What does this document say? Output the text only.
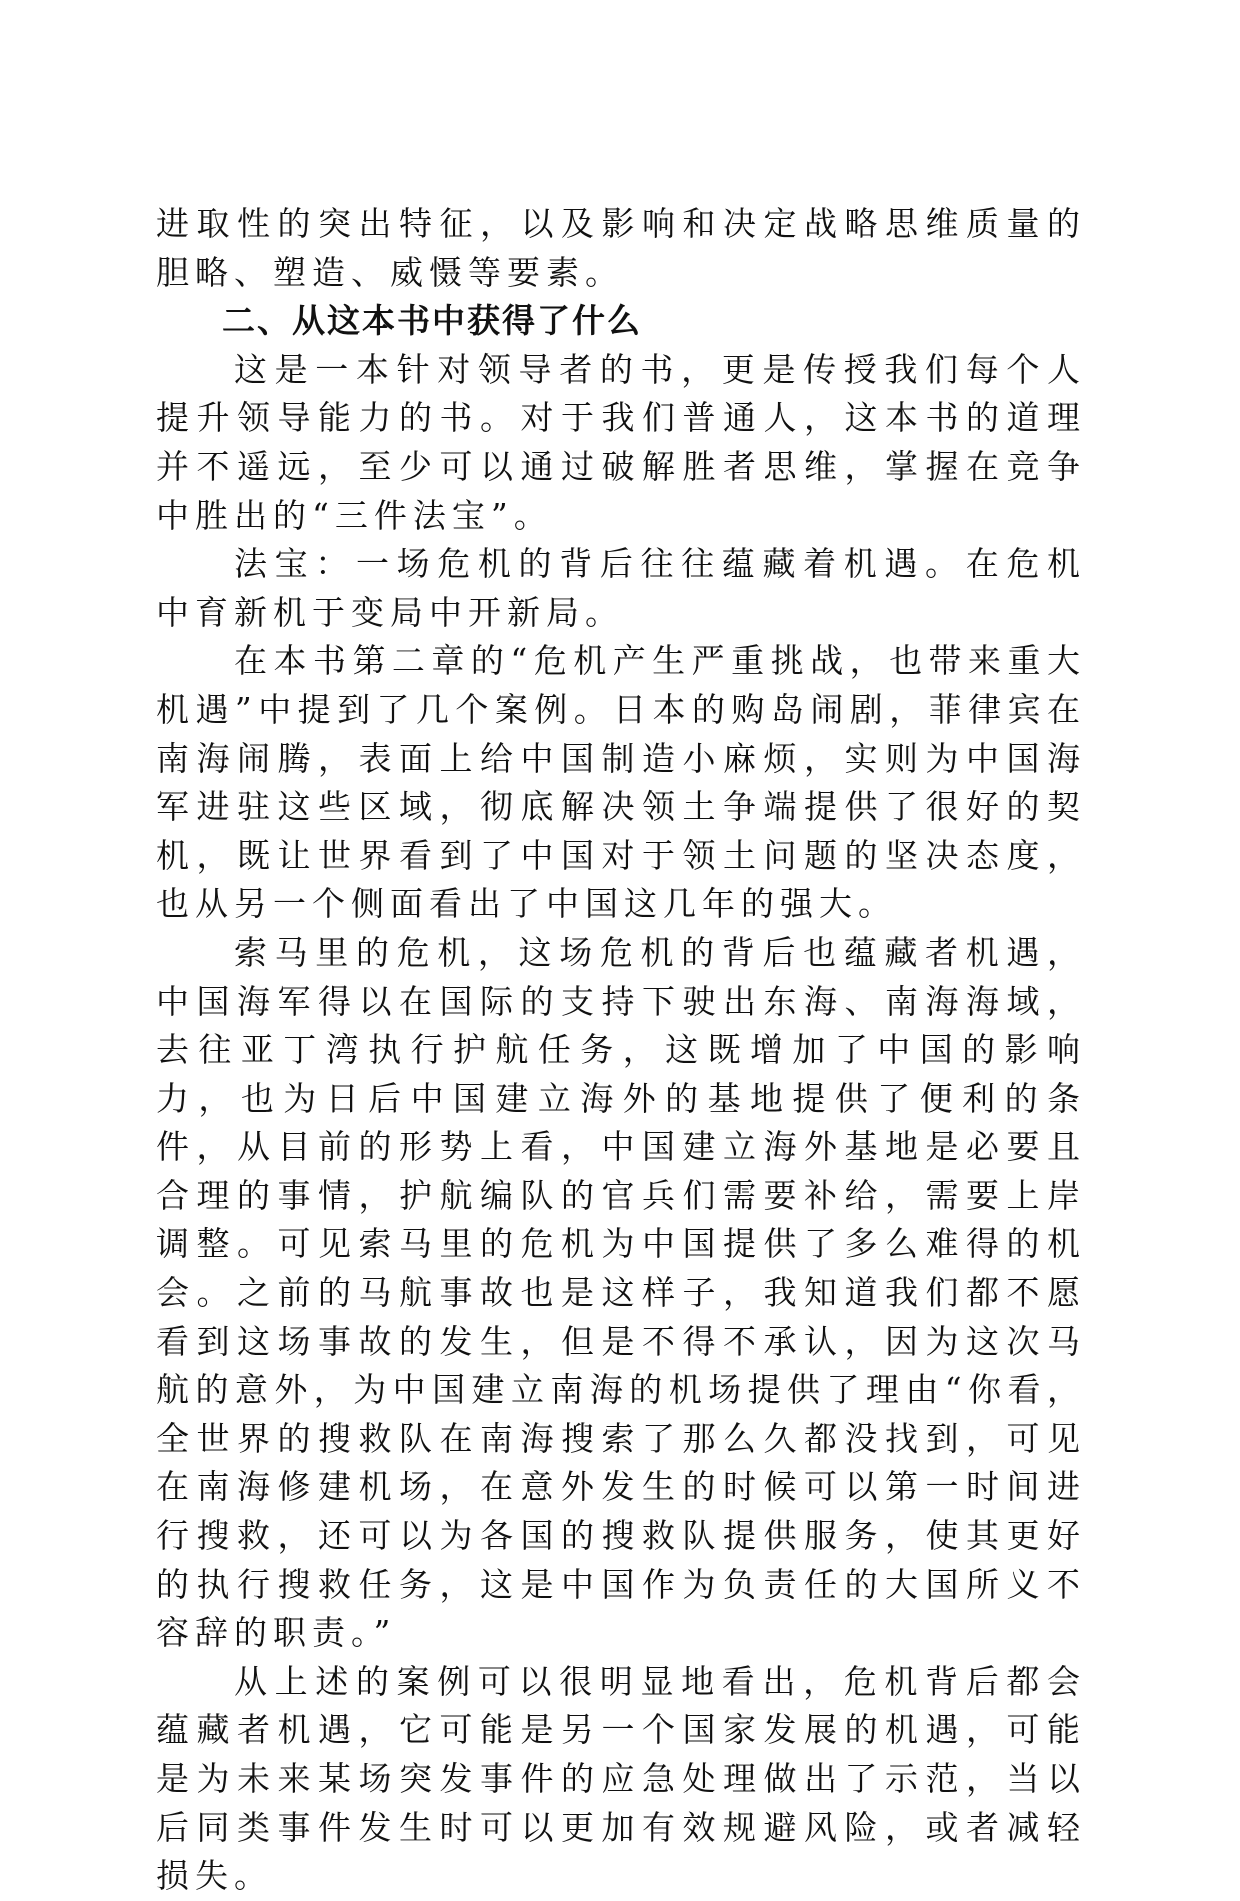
进取性的突出特征，以及影响和决定战略思维质量的胆略、塑造、威慑等要素。

二、从这本书中获得了什么

这是一本针对领导者的书，更是传授我们每个人提升领导能力的书。对于我们普通人，这本书的道理并不遥远，至少可以通过破解胜者思维，掌握在竞争中胜出的“三件法宝”。

法宝：一场危机的背后往往蕴藏着机遇。在危机中育新机于变局中开新局。

在本书第二章的“危机产生严重挑战，也带来重大机遇”中提到了几个案例。日本的购岛闹剧，菲律宾在南海闹腾，表面上给中国制造小麻烦，实则为中国海军进驻这些区域，彻底解决领土争端提供了很好的契机，既让世界看到了中国对于领土问题的坚决态度，也从另一个侧面看出了中国这几年的强大。

索马里的危机，这场危机的背后也蕴藏者机遇，中国海军得以在国际的支持下驶出东海、南海海域，去往亚丁湾执行护航任务，这既增加了中国的影响力，也为日后中国建立海外的基地提供了便利的条件，从目前的形势上看，中国建立海外基地是必要且合理的事情，护航编队的官兵们需要补给，需要上岸调整。可见索马里的危机为中国提供了多么难得的机会。之前的马航事故也是这样子，我知道我们都不愿看到这场事故的发生，但是不得不承认，因为这次马航的意外，为中国建立南海的机场提供了理由“你看，全世界的搜救队在南海搜索了那么久都没找到，可见在南海修建机场，在意外发生的时候可以第一时间进行搜救，还可以为各国的搜救队提供服务，使其更好的执行搜救任务，这是中国作为负责任的大国所义不容辞的职责。”

从上述的案例可以很明显地看出，危机背后都会蕴藏者机遇，它可能是另一个国家发展的机遇，可能是为未来某场突发事件的应急处理做出了示范，当以后同类事件发生时可以更加有效规避风险，或者减轻损失。
